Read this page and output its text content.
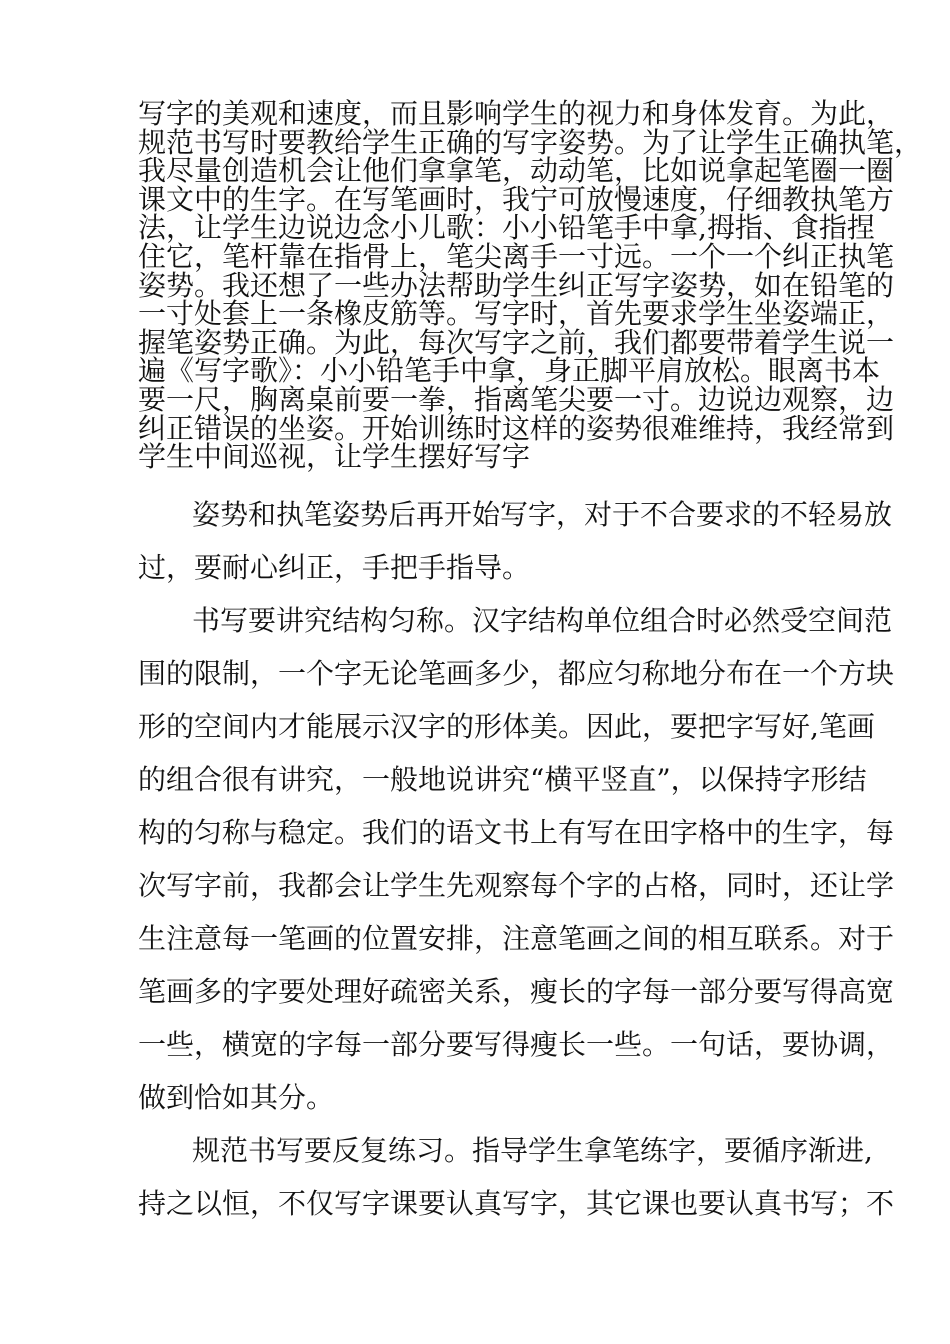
写字的美观和速度，而且影响学生的视力和身体发育。为此，
规范书写时要教给学生正确的写字姿势。为了让学生正确执笔，
我尽量创造机会让他们拿拿笔，动动笔，比如说拿起笔圈一圈
课文中的生字。在写笔画时，我宁可放慢速度，仔细教执笔方
法，让学生边说边念小儿歌：小小铅笔手中拿,拇指、食指捏
住它，笔杆靠在指骨上，笔尖离手一寸远。一个一个纠正执笔
姿势。我还想了一些办法帮助学生纠正写字姿势，如在铅笔的
一寸处套上一条橡皮筋等。写字时，首先要求学生坐姿端正，
握笔姿势正确。为此，每次写字之前，我们都要带着学生说一
遍《写字歌》：小小铅笔手中拿，身正脚平肩放松。眼离书本
要一尺，胸离桌前要一拳，指离笔尖要一寸。边说边观察，边
纠正错误的坐姿。开始训练时这样的姿势很难维持，我经常到
学生中间巡视，让学生摆好写字
姿势和执笔姿势后再开始写字，对于不合要求的不轻易放
过，要耐心纠正，手把手指导。
书写要讲究结构匀称。汉字结构单位组合时必然受空间范
围的限制，一个字无论笔画多少，都应匀称地分布在一个方块
形的空间内才能展示汉字的形体美。因此，要把字写好,笔画
的组合很有讲究，一般地说讲究“横平竖直”，以保持字形结
构的匀称与稳定。我们的语文书上有写在田字格中的生字，每
次写字前，我都会让学生先观察每个字的占格，同时，还让学
生注意每一笔画的位置安排，注意笔画之间的相互联系。对于
笔画多的字要处理好疏密关系，瘦长的字每一部分要写得高宽
一些，横宽的字每一部分要写得瘦长一些。一句话，要协调，
做到恰如其分。
规范书写要反复练习。指导学生拿笔练字，要循序渐进,
持之以恒，不仅写字课要认真写字，其它课也要认真书写；不
